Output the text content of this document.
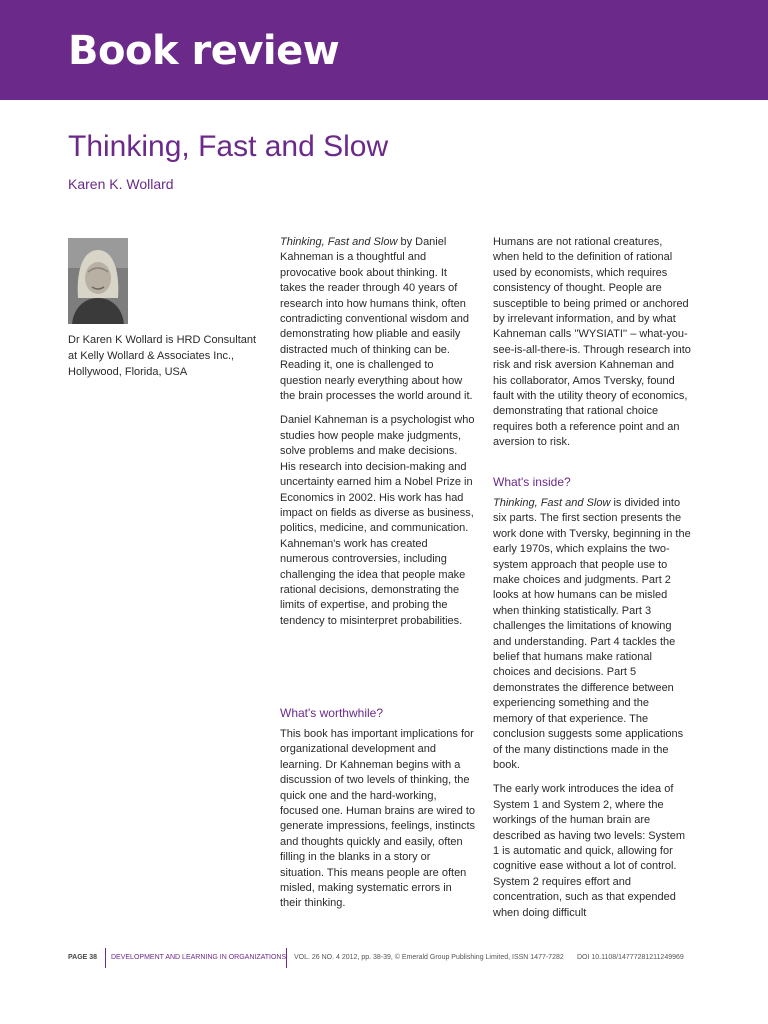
Book review
Thinking, Fast and Slow
Karen K. Wollard

Dr Karen K Wollard is HRD Consultant at Kelly Wollard & Associates Inc., Hollywood, Florida, USA

Thinking, Fast and Slow by Daniel Kahneman is a thoughtful and provocative book about thinking. It takes the reader through 40 years of research into how humans think, often contradicting conventional wisdom and demonstrating how pliable and easily distracted much of thinking can be. Reading it, one is challenged to question nearly everything about how the brain processes the world around it.

Daniel Kahneman is a psychologist who studies how people make judgments, solve problems and make decisions. His research into decision-making and uncertainty earned him a Nobel Prize in Economics in 2002. His work has had impact on fields as diverse as business, politics, medicine, and communication. Kahneman's work has created numerous controversies, including challenging the idea that people make rational decisions, demonstrating the limits of expertise, and probing the tendency to misinterpret probabilities.

What's worthwhile?

This book has important implications for organizational development and learning. Dr Kahneman begins with a discussion of two levels of thinking, the quick one and the hard-working, focused one. Human brains are wired to generate impressions, feelings, instincts and thoughts quickly and easily, often filling in the blanks in a story or situation. This means people are often misled, making systematic errors in their thinking.

Humans are not rational creatures, when held to the definition of rational used by economists, which requires consistency of thought. People are susceptible to being primed or anchored by irrelevant information, and by what Kahneman calls ''WYSIATI'' – what-you-see-is-all-there-is. Through research into risk and risk aversion Kahneman and his collaborator, Amos Tversky, found fault with the utility theory of economics, demonstrating that rational choice requires both a reference point and an aversion to risk.

What's inside?

Thinking, Fast and Slow is divided into six parts. The first section presents the work done with Tversky, beginning in the early 1970s, which explains the two-system approach that people use to make choices and judgments. Part 2 looks at how humans can be misled when thinking statistically. Part 3 challenges the limitations of knowing and understanding. Part 4 tackles the belief that humans make rational choices and decisions. Part 5 demonstrates the difference between experiencing something and the memory of that experience. The conclusion suggests some applications of the many distinctions made in the book.

The early work introduces the idea of System 1 and System 2, where the workings of the human brain are described as having two levels: System 1 is automatic and quick, allowing for cognitive ease without a lot of control. System 2 requires effort and concentration, such as that expended when doing difficult

PAGE 38 DEVELOPMENT AND LEARNING IN ORGANIZATIONS VOL. 26 NO. 4 2012, pp. 38-39, © Emerald Group Publishing Limited, ISSN 1477-7282 DOI 10.1108/14777281211249969
